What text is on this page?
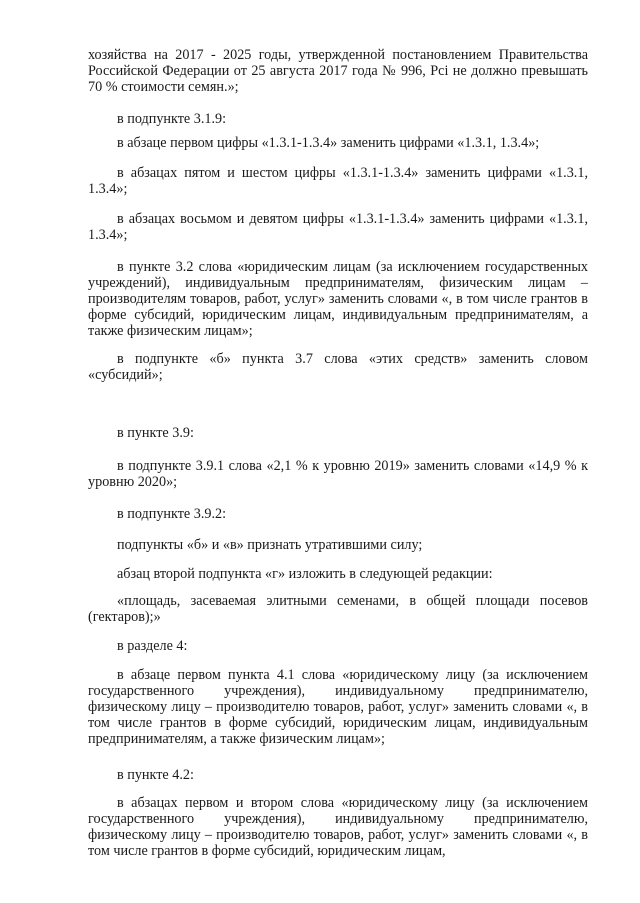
хозяйства на 2017 - 2025 годы, утвержденной постановлением Правительства Российской Федерации от 25 августа 2017 года № 996, Pci не должно превышать 70 % стоимости семян.»;

в подпункте 3.1.9:

в абзаце первом цифры «1.3.1-1.3.4» заменить цифрами «1.3.1, 1.3.4»;

в абзацах пятом и шестом цифры «1.3.1-1.3.4» заменить цифрами «1.3.1, 1.3.4»;

в абзацах восьмом и девятом цифры «1.3.1-1.3.4» заменить цифрами «1.3.1, 1.3.4»;

в пункте 3.2 слова «юридическим лицам (за исключением государственных учреждений), индивидуальным предпринимателям, физическим лицам – производителям товаров, работ, услуг» заменить словами «, в том числе грантов в форме субсидий, юридическим лицам, индивидуальным предпринимателям, а также физическим лицам»;

в подпункте «б» пункта 3.7 слова «этих средств» заменить словом «субсидий»;

в пункте 3.9:

в подпункте 3.9.1 слова «2,1 % к уровню 2019» заменить словами «14,9 % к уровню 2020»;

в подпункте 3.9.2:

подпункты «б» и «в» признать утратившими силу;

абзац второй подпункта «г» изложить в следующей редакции:

«площадь, засеваемая элитными семенами, в общей площади посевов (гектаров);»

в разделе 4:

в абзаце первом пункта 4.1 слова «юридическому лицу (за исключением государственного учреждения), индивидуальному предпринимателю, физическому лицу – производителю товаров, работ, услуг» заменить словами «, в том числе грантов в форме субсидий, юридическим лицам, индивидуальным предпринимателям, а также физическим лицам»;

в пункте 4.2:

в абзацах первом и втором слова «юридическому лицу (за исключением государственного учреждения), индивидуальному предпринимателю, физическому лицу – производителю товаров, работ, услуг» заменить словами «, в том числе грантов в форме субсидий, юридическим лицам,
